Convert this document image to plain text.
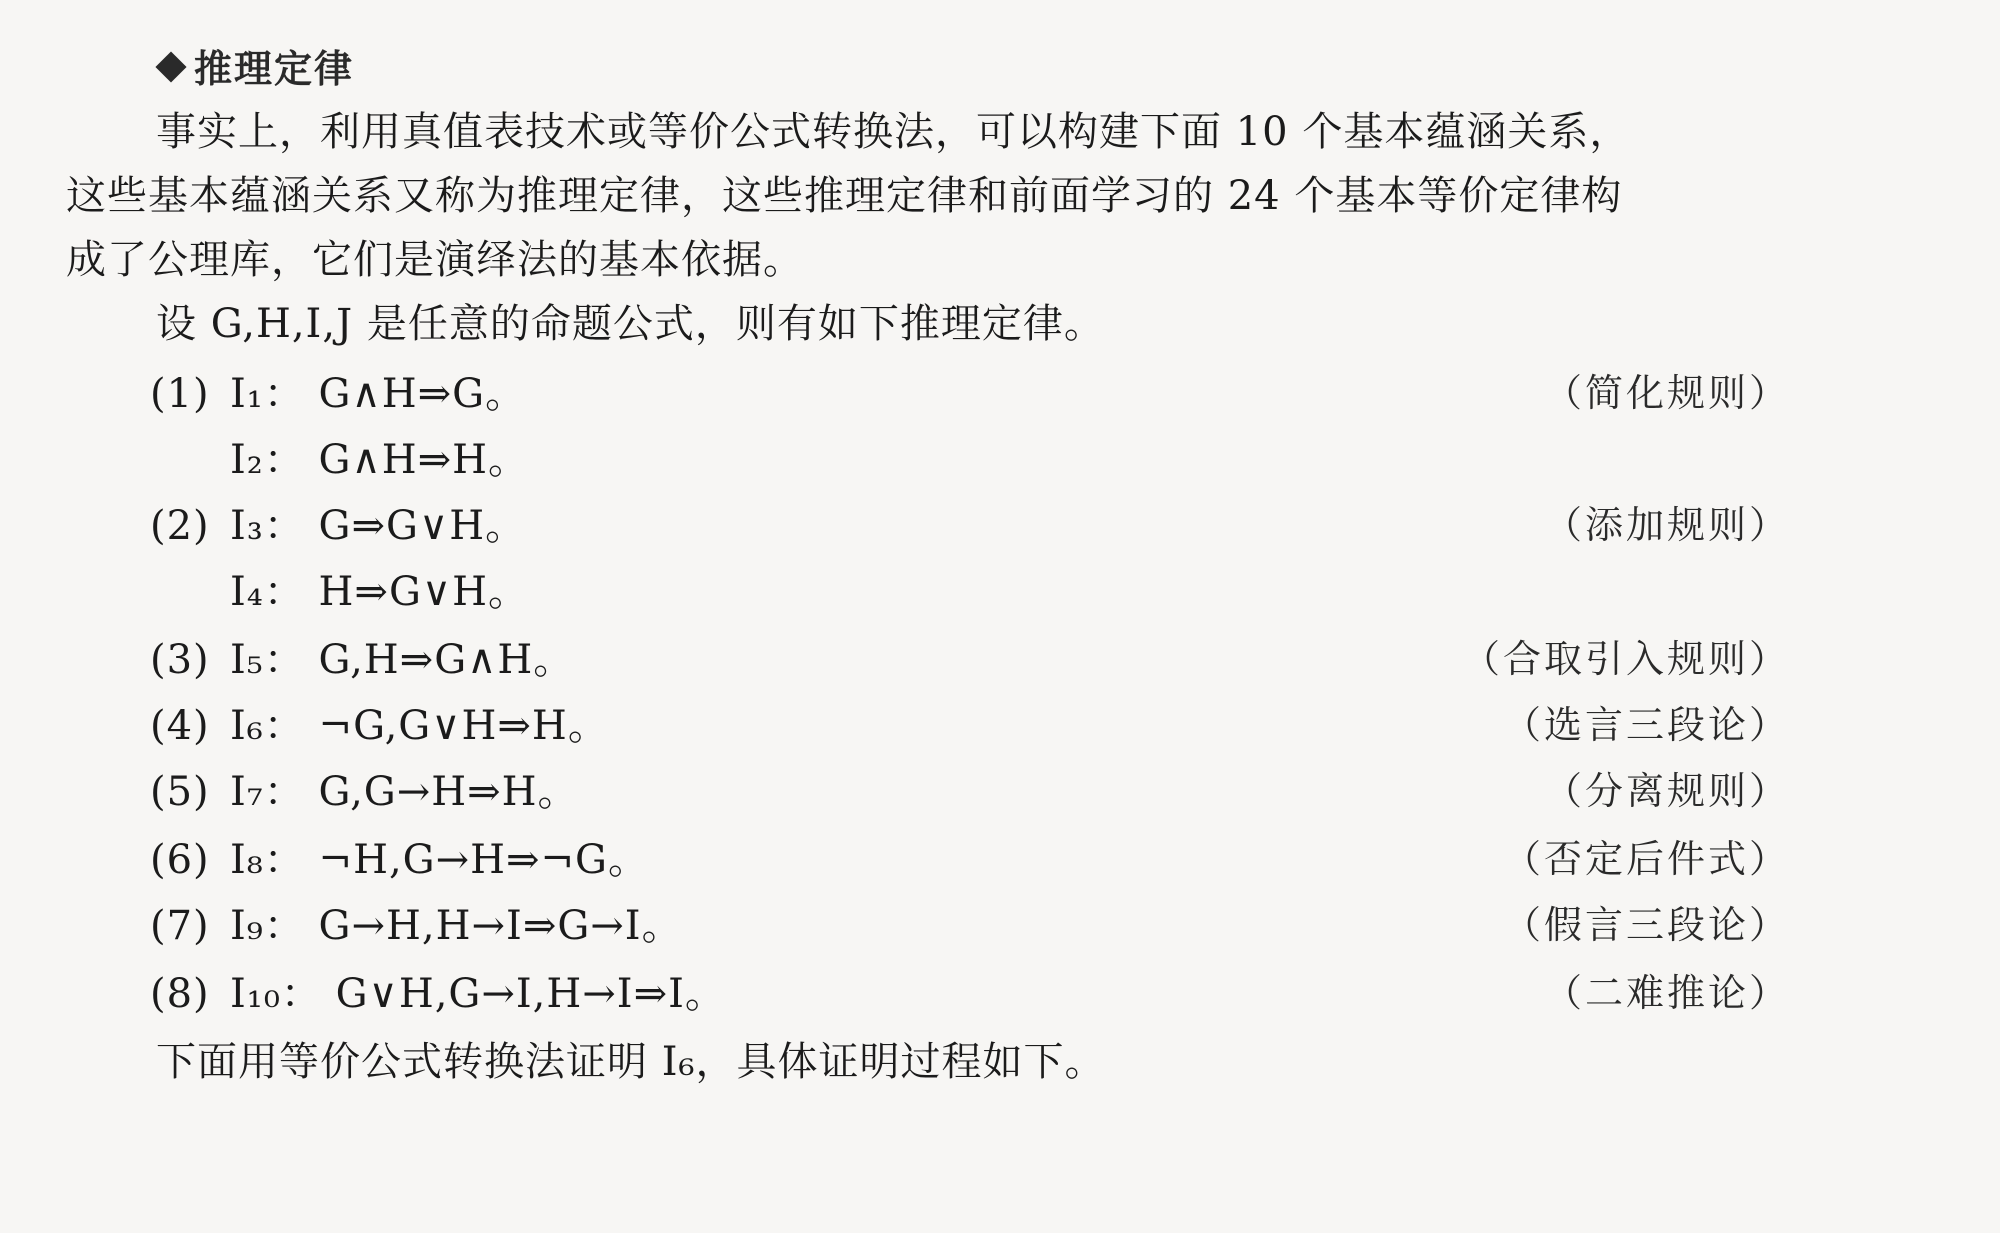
推理定律
事实上，利用真值表技术或等价公式转换法，可以构建下面 10 个基本蕴涵关系，
这些基本蕴涵关系又称为推理定律，这些推理定律和前面学习的 24 个基本等价定律构
成了公理库，它们是演绎法的基本依据。
设 G,H,I,J 是任意的命题公式，则有如下推理定律。
(1) I₁： G∧H⇒G。	（简化规则）
I₂： G∧H⇒H。
(2) I₃： G⇒G∨H。	（添加规则）
I₄： H⇒G∨H。
(3) I₅： G,H⇒G∧H。	（合取引入规则）
(4) I₆： ¬G,G∨H⇒H。	（选言三段论）
(5) I₇： G,G→H⇒H。	（分离规则）
(6) I₈： ¬H,G→H⇒¬G。	（否定后件式）
(7) I₉： G→H,H→I⇒G→I。	（假言三段论）
(8) I₁₀： G∨H,G→I,H→I⇒I。	（二难推论）
下面用等价公式转换法证明 I₆，具体证明过程如下。
